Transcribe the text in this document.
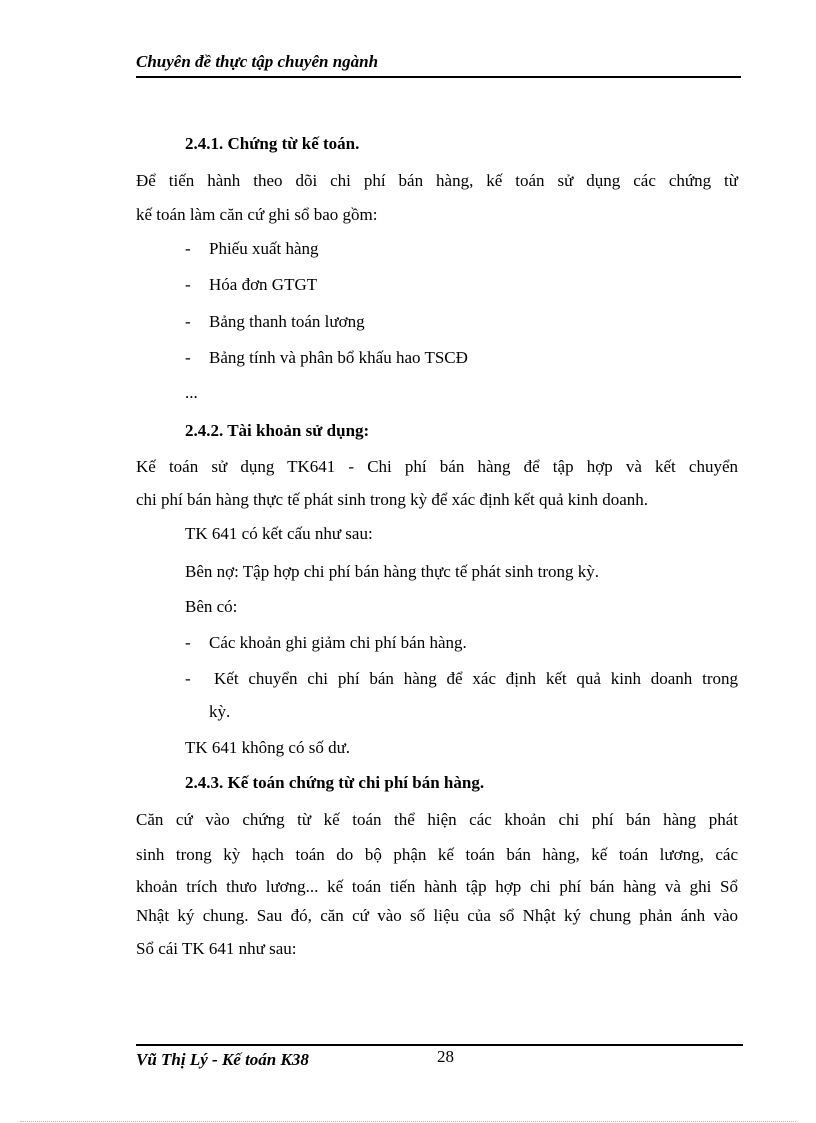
Chuyên đề thực tập chuyên ngành
2.4.1. Chứng từ kế toán.
Để tiến hành theo dõi chi phí bán hàng, kế toán sử dụng các chứng từ
kế toán làm căn cứ ghi sổ bao gồm:
- Phiếu xuất hàng
- Hóa đơn GTGT
- Bảng thanh toán lương
- Bảng tính và phân bổ khấu hao TSCĐ
...
2.4.2. Tài khoản sử dụng:
Kế toán sử dụng TK641 - Chi phí bán hàng để tập hợp và kết chuyển
chi phí bán hàng thực tế phát sinh trong kỳ để xác định kết quả kinh doanh.
TK 641 có kết cấu như sau:
Bên nợ: Tập hợp chi phí bán hàng thực tế phát sinh trong kỳ.
Bên có:
- Các khoản ghi giảm chi phí bán hàng.
- Kết chuyển chi phí bán hàng để xác định kết quả kinh doanh trong
kỳ.
TK 641 không có số dư.
2.4.3. Kế toán chứng từ chi phí bán hàng.
Căn cứ vào chứng từ kế toán thể hiện các khoản chi phí bán hàng phát
sinh trong kỳ hạch toán do bộ phận kế toán bán hàng, kế toán lương, các
khoản trích thưo lương... kế toán tiến hành tập hợp chi phí bán hàng và ghi Sổ
Nhật ký chung. Sau đó, căn cứ vào số liệu của sổ Nhật ký chung phản ánh vào
Sổ cái TK 641 như sau:
Vũ Thị Lý - Kế toán K38	28
